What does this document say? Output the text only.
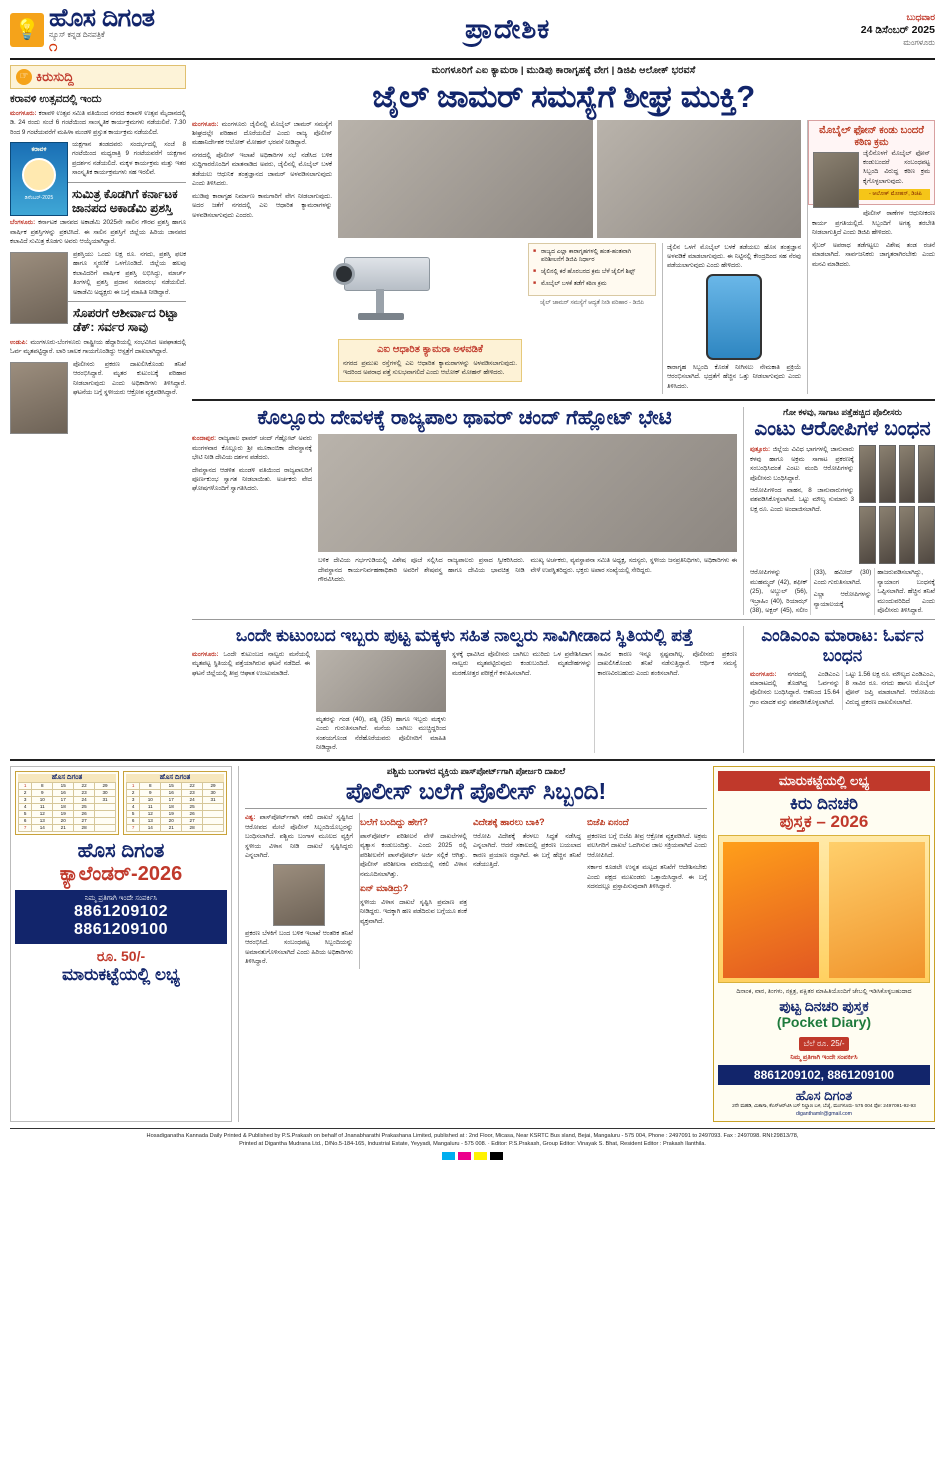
💡 ಹೊಸ ದಿಗಂತ
ನ್ಯೂಸ್ ಕನ್ನಡ ದಿನಪತ್ರಿಕೆ
೧
ಪ್ರಾದೇಶಿಕ	ಬುಧವಾರ
24 ಡಿಸೆಂಬರ್ 2025
ಮಂಗಳೂರು
☞ ಕಿರುಸುದ್ದಿ
ಕರಾವಳಿ ಉತ್ಸವದಲ್ಲಿ ಇಂದು

ಮಂಗಳೂರು: ಕರಾವಳಿ ಉತ್ಸವ ಸಮಿತಿ ವತಿಯಿಂದ ನಗರದ ಕರಾವಳಿ ಉತ್ಸವ ಮೈದಾನದಲ್ಲಿ ಡಿ. 24 ರಂದು ಸಂಜೆ 6 ಗಂಟೆಯಿಂದ ಸಾಂಸ್ಕೃತಿಕ ಕಾರ್ಯಕ್ರಮಗಳು ನಡೆಯಲಿವೆ. 7.30 ರಿಂದ 9 ಗಂಟೆಯವರೆಗೆ ಮಹಿಳಾ ಮಂಡಳಿ ಪ್ರಸ್ತುತ ಕಾರ್ಯಕ್ರಮ ನಡೆಯಲಿದೆ.

ಕರಾವಳಿ
ಡಿಸೆಂಬರ್-2025

ಯಕ್ಷಗಾನ ತಂಡದವರು ಸಂದರ್ಭದಲ್ಲಿ ಸಂಜೆ 8 ಗಂಟೆಯಿಂದ ಮಧ್ಯರಾತ್ರಿ 9 ಗಂಟೆಯವರೆಗೆ ಯಕ್ಷಗಾನ ಪ್ರದರ್ಶನ ನಡೆಯಲಿದೆ. ಮಕ್ಕಳ ಕಾರ್ಯಕ್ರಮ ಮತ್ತು ಇತರ ಸಾಂಸ್ಕೃತಿಕ ಕಾರ್ಯಕ್ರಮಗಳು ಸಹ ಇರಲಿವೆ.

ಸುಮಿತ್ರ ಕೊಡಗಿಗೆ ಕರ್ನಾಟಕ ಜಾನಪದ ಅಕಾಡೆಮಿ ಪ್ರಶಸ್ತಿ

ಬೆಂಗಳೂರು: ಕರ್ನಾಟಕ ಜಾನಪದ ಅಕಾಡೆಮಿ 2025ನೇ ಸಾಲಿನ ಗೌರವ ಪ್ರಶಸ್ತಿ ಹಾಗೂ ವಾರ್ಷಿಕ ಪ್ರಶಸ್ತಿಗಳನ್ನು ಪ್ರಕಟಿಸಿದೆ. ಈ ಸಾಲಿನ ಪ್ರಶಸ್ತಿಗೆ ಜಿಲ್ಲೆಯ ಹಿರಿಯ ಜಾನಪದ ಕಲಾವಿದೆ ಸುಮಿತ್ರ ಕೊಡಗು ಅವರು ಆಯ್ಕೆಯಾಗಿದ್ದಾರೆ.

ಪ್ರಶಸ್ತಿಯು ಒಂದು ಲಕ್ಷ ರೂ. ನಗದು, ಪ್ರಶಸ್ತಿ ಫಲಕ ಹಾಗೂ ಸ್ಮರಣಿಕೆ ಒಳಗೊಂಡಿದೆ. ಜಿಲ್ಲೆಯ ಹಲವು ಕಲಾವಿದರಿಗೆ ವಾರ್ಷಿಕ ಪ್ರಶಸ್ತಿ ಲಭಿಸಿದ್ದು, ಮಾರ್ಚ್ ತಿಂಗಳಲ್ಲಿ ಪ್ರಶಸ್ತಿ ಪ್ರದಾನ ಸಮಾರಂಭ ನಡೆಯಲಿದೆ. ಅಕಾಡೆಮಿ ಅಧ್ಯಕ್ಷರು ಈ ಬಗ್ಗೆ ಮಾಹಿತಿ ನೀಡಿದ್ದಾರೆ.

ಸೊಪರಗೆ ಆಶೀರ್ವಾದ ರಿಟ್ಟಾ ಡೆಕ್: ಸರ್ವರ ಸಾವು

ಉಡುಪಿ: ಮಂಗಳೂರು-ಬೆಂಗಳೂರು ರಾಷ್ಟ್ರೀಯ ಹೆದ್ದಾರಿಯಲ್ಲಿ ಸಂಭವಿಸಿದ ಅಪಘಾತದಲ್ಲಿ ಓರ್ವ ಮೃತಪಟ್ಟಿದ್ದಾರೆ. ಲಾರಿ ಚಾಲಕ ಗಾಯಗೊಂಡಿದ್ದು ಆಸ್ಪತ್ರೆಗೆ ದಾಖಲಾಗಿದ್ದಾರೆ.

ಪೊಲೀಸರು ಪ್ರಕರಣ ದಾಖಲಿಸಿಕೊಂಡು ತನಿಖೆ ಆರಂಭಿಸಿದ್ದಾರೆ. ಮೃತರ ಕುಟುಂಬಕ್ಕೆ ಪರಿಹಾರ ನೀಡಲಾಗುವುದು ಎಂದು ಅಧಿಕಾರಿಗಳು ತಿಳಿಸಿದ್ದಾರೆ. ಘಟನೆಯ ಬಗ್ಗೆ ಸ್ಥಳೀಯರು ಆಕ್ರೋಶ ವ್ಯಕ್ತಪಡಿಸಿದ್ದಾರೆ.

ಮಂಗಳೂರಿಗೆ ಎಐ ಕ್ಯಾಮರಾ | ಮುಡಿಪು ಕಾರಾಗೃಹಕ್ಕೆ ವೇಗ | ಡಿಜಿಪಿ ಆಲೋಕ್ ಭರವಸೆ
ಜೈಲ್ ಜಾಮರ್ ಸಮಸ್ಯೆಗೆ ಶೀಘ್ರ ಮುಕ್ತಿ?

ಮಂಗಳೂರು: ಮಂಗಳೂರು ಜೈಲಿನಲ್ಲಿ ಮೊಬೈಲ್ ಜಾಮರ್ ಸಮಸ್ಯೆಗೆ ಶೀಘ್ರದಲ್ಲೇ ಪರಿಹಾರ ದೊರೆಯಲಿದೆ ಎಂದು ರಾಜ್ಯ ಪೊಲೀಸ್ ಮಹಾನಿರ್ದೇಶಕ ಆಲೋಕ್ ಮೋಹನ್ ಭರವಸೆ ನೀಡಿದ್ದಾರೆ.

ನಗರದಲ್ಲಿ ಪೊಲೀಸ್ ಇಲಾಖೆ ಅಧಿಕಾರಿಗಳ ಸಭೆ ನಡೆಸಿದ ಬಳಿಕ ಸುದ್ದಿಗಾರರೊಂದಿಗೆ ಮಾತನಾಡಿದ ಅವರು, ಜೈಲಿನಲ್ಲಿ ಮೊಬೈಲ್ ಬಳಕೆ ತಡೆಯಲು ಆಧುನಿಕ ತಂತ್ರಜ್ಞಾನದ ಜಾಮರ್ ಅಳವಡಿಸಲಾಗುವುದು ಎಂದು ತಿಳಿಸಿದರು.

ಮುಡಿಪು ಕಾರಾಗೃಹ ನಿರ್ಮಾಣ ಕಾಮಗಾರಿಗೆ ವೇಗ ನೀಡಲಾಗುವುದು. ಅದರ ಜತೆಗೆ ನಗರದಲ್ಲಿ ಎಐ ಆಧಾರಿತ ಕ್ಯಾಮರಾಗಳನ್ನು ಅಳವಡಿಸಲಾಗುವುದು ಎಂದರು.

ಎಐ ಆಧಾರಿತ ಕ್ಯಾಮರಾ ಅಳವಡಿಕೆ
ನಗರದ ಪ್ರಮುಖ ರಸ್ತೆಗಳಲ್ಲಿ ಎಐ ಆಧಾರಿತ ಕ್ಯಾಮರಾಗಳನ್ನು ಅಳವಡಿಸಲಾಗುವುದು. ಇದರಿಂದ ಅಪರಾಧ ಪತ್ತೆ ಸುಲಭವಾಗಲಿದೆ ಎಂದು ಆಲೋಕ್ ಮೋಹನ್ ಹೇಳಿದರು.
■ ರಾಜ್ಯದ ಎಲ್ಲಾ ಕಾರಾಗೃಹಗಳಲ್ಲಿ ಹಂತ-ಹಂತವಾಗಿ ಪರಿಶೀಲನೆಗೆ ಡಿಜಿಪಿ ನಿರ್ಧಾರ
■ ಜೈಲಿನಲ್ಲಿ ಕರೆ ಹೊರಬರದ ಕ್ರಮ ಬೆಳೆ ಜೈಲಿಗೆ ಶಿಫ್ಟ್
■ ಮೊಬೈಲ್ ಬಳಕೆ ತಡೆಗೆ ಕಠಿಣ ಕ್ರಮ
ಜೈಲ್ ಜಾಮರ್ ಸಮಸ್ಯೆಗೆ ಆದ್ಯತೆ ನೀಡಿ ಪರಿಹಾರ - ಡಿಜಿಪಿ

ಜೈಲಿನ ಒಳಗೆ ಮೊಬೈಲ್ ಬಳಕೆ ತಡೆಯಲು ಹೊಸ ತಂತ್ರಜ್ಞಾನ ಅಳವಡಿಕೆ ಮಾಡಲಾಗುವುದು. ಈ ನಿಟ್ಟಿನಲ್ಲಿ ಕೇಂದ್ರದಿಂದ ಸಹ ನೆರವು ಪಡೆಯಲಾಗುವುದು ಎಂದು ಹೇಳಿದರು.

ಕಾರಾಗೃಹ ಸಿಬ್ಬಂದಿ ಕೊರತೆ ನೀಗಿಸಲು ನೇಮಕಾತಿ ಪ್ರಕ್ರಿಯೆ ಆರಂಭಿಸಲಾಗಿದೆ. ಭದ್ರತೆಗೆ ಹೆಚ್ಚಿನ ಒತ್ತು ನೀಡಲಾಗುವುದು ಎಂದು ತಿಳಿಸಿದರು.

ಮೊಬೈಲ್ ಫೋನ್ ಕಂಡು ಬಂದರೆ ಕಠಿಣ ಕ್ರಮ
ಜೈಲಿನೊಳಗೆ ಮೊಬೈಲ್ ಫೋನ್ ಕಂಡುಬಂದರೆ ಸಂಬಂಧಪಟ್ಟ ಸಿಬ್ಬಂದಿ ವಿರುದ್ಧ ಕಠಿಣ ಕ್ರಮ ಕೈಗೊಳ್ಳಲಾಗುವುದು.
- ಆಲೋಕ್ ಮೋಹನ್, ಡಿಜಿಪಿ

ಪೊಲೀಸ್ ಠಾಣೆಗಳ ಆಧುನೀಕರಣ ಕಾರ್ಯ ಪ್ರಗತಿಯಲ್ಲಿದೆ. ಸಿಬ್ಬಂದಿಗೆ ಅಗತ್ಯ ತರಬೇತಿ ನೀಡಲಾಗುತ್ತಿದೆ ಎಂದು ಡಿಜಿಪಿ ಹೇಳಿದರು.

ಸೈಬರ್ ಅಪರಾಧ ತಡೆಗಟ್ಟಲು ವಿಶೇಷ ತಂಡ ರಚನೆ ಮಾಡಲಾಗಿದೆ. ಸಾರ್ವಜನಿಕರು ಜಾಗೃತರಾಗಿರಬೇಕು ಎಂದು ಮನವಿ ಮಾಡಿದರು.

ಕೊಲ್ಲೂರು ದೇವಳಕ್ಕೆ ರಾಜ್ಯಪಾಲ ಥಾವರ್ ಚಂದ್ ಗೆಹ್ಲೋಟ್ ಭೇಟಿ

ಕುಂದಾಪುರ: ರಾಜ್ಯಪಾಲ ಥಾವರ್ ಚಂದ್ ಗೆಹ್ಲೋಟ್ ಅವರು ಮಂಗಳವಾರ ಕೊಲ್ಲೂರು ಶ್ರೀ ಮೂಕಾಂಬಿಕಾ ದೇವಸ್ಥಾನಕ್ಕೆ ಭೇಟಿ ನೀಡಿ ದೇವಿಯ ದರ್ಶನ ಪಡೆದರು.

ದೇವಸ್ಥಾನದ ಆಡಳಿತ ಮಂಡಳಿ ವತಿಯಿಂದ ರಾಜ್ಯಪಾಲರಿಗೆ ಪೂರ್ಣಕುಂಭ ಸ್ವಾಗತ ನೀಡಲಾಯಿತು. ಅರ್ಚಕರು ವೇದ ಘೋಷಗಳೊಂದಿಗೆ ಸ್ವಾಗತಿಸಿದರು.

ಬಳಿಕ ದೇವಿಯ ಗರ್ಭಗುಡಿಯಲ್ಲಿ ವಿಶೇಷ ಪೂಜೆ ಸಲ್ಲಿಸಿದ ರಾಜ್ಯಪಾಲರು ಪ್ರಸಾದ ಸ್ವೀಕರಿಸಿದರು. ದೇವಸ್ಥಾನದ ಕಾರ್ಯನಿರ್ವಹಣಾಧಿಕಾರಿ ಅವರಿಗೆ ಶೇಷವಸ್ತ್ರ ಹಾಗೂ ದೇವಿಯ ಭಾವಚಿತ್ರ ನೀಡಿ ಗೌರವಿಸಿದರು.

ಮುಖ್ಯ ಅರ್ಚಕರು, ವ್ಯವಸ್ಥಾಪನಾ ಸಮಿತಿ ಅಧ್ಯಕ್ಷ, ಸದಸ್ಯರು, ಸ್ಥಳೀಯ ಜನಪ್ರತಿನಿಧಿಗಳು, ಅಧಿಕಾರಿಗಳು ಈ ವೇಳೆ ಉಪಸ್ಥಿತರಿದ್ದರು. ಭಕ್ತರು ಅಪಾರ ಸಂಖ್ಯೆಯಲ್ಲಿ ಸೇರಿದ್ದರು.

ಗೋ ಕಳವು, ಸಾಗಾಟ ಪತ್ತೆಹಚ್ಚಿದ ಪೊಲೀಸರು
ಎಂಟು ಆರೋಪಿಗಳ ಬಂಧನ

ಪುತ್ತೂರು: ಜಿಲ್ಲೆಯ ವಿವಿಧ ಭಾಗಗಳಲ್ಲಿ ಜಾನುವಾರು ಕಳವು ಹಾಗೂ ಅಕ್ರಮ ಸಾಗಾಟ ಪ್ರಕರಣಕ್ಕೆ ಸಂಬಂಧಿಸಿದಂತೆ ಎಂಟು ಮಂದಿ ಆರೋಪಿಗಳನ್ನು ಪೊಲೀಸರು ಬಂಧಿಸಿದ್ದಾರೆ.

ಆರೋಪಿಗಳಿಂದ ವಾಹನ, 8 ಜಾನುವಾರುಗಳನ್ನು ವಶಪಡಿಸಿಕೊಳ್ಳಲಾಗಿದೆ. ಒಟ್ಟು ಮೌಲ್ಯ ಸುಮಾರು 3 ಲಕ್ಷ ರೂ. ಎಂದು ಅಂದಾಜಿಸಲಾಗಿದೆ.

ಆರೋಪಿಗಳನ್ನು ಮುಹಮ್ಮದ್ (42), ಶಫೀಕ್ (25), ಅಬ್ದುಲ್ (56), ಇಬ್ರಾಹಿಂ (40), ರಿಯಾಝ್ (38), ಅಕ್ಬರ್ (45), ಸಲೀಂ (33), ಹಮೀದ್ (30) ಎಂದು ಗುರುತಿಸಲಾಗಿದೆ.

ಎಲ್ಲಾ ಆರೋಪಿಗಳನ್ನು ನ್ಯಾಯಾಲಯಕ್ಕೆ ಹಾಜರುಪಡಿಸಲಾಗಿದ್ದು, ನ್ಯಾಯಾಂಗ ಬಂಧನಕ್ಕೆ ಒಪ್ಪಿಸಲಾಗಿದೆ. ಹೆಚ್ಚಿನ ತನಿಖೆ ಮುಂದುವರಿದಿದೆ ಎಂದು ಪೊಲೀಸರು ತಿಳಿಸಿದ್ದಾರೆ.

ಒಂದೇ ಕುಟುಂಬದ ಇಬ್ಬರು ಪುಟ್ಟ ಮಕ್ಕಳು ಸಹಿತ ನಾಲ್ವರು ಸಾವಿಗೀಡಾದ ಸ್ಥಿತಿಯಲ್ಲಿ ಪತ್ತೆ

ಮಂಗಳೂರು: ಒಂದೇ ಕುಟುಂಬದ ನಾಲ್ವರು ಮನೆಯಲ್ಲಿ ಮೃತಪಟ್ಟ ಸ್ಥಿತಿಯಲ್ಲಿ ಪತ್ತೆಯಾಗಿರುವ ಘಟನೆ ನಡೆದಿದೆ. ಈ ಘಟನೆ ಜಿಲ್ಲೆಯಲ್ಲಿ ತೀವ್ರ ಆಘಾತ ಉಂಟುಮಾಡಿದೆ.

ಮೃತರನ್ನು ಗಂಡ (40), ಪತ್ನಿ (35) ಹಾಗೂ ಇಬ್ಬರು ಮಕ್ಕಳು ಎಂದು ಗುರುತಿಸಲಾಗಿದೆ. ಮನೆಯ ಬಾಗಿಲು ಮುಚ್ಚಿದ್ದರಿಂದ ಸಂಶಯಗೊಂಡ ನೆರೆಹೊರೆಯವರು ಪೊಲೀಸರಿಗೆ ಮಾಹಿತಿ ನೀಡಿದ್ದಾರೆ.

ಸ್ಥಳಕ್ಕೆ ಧಾವಿಸಿದ ಪೊಲೀಸರು ಬಾಗಿಲು ಮುರಿದು ಒಳ ಪ್ರವೇಶಿಸಿದಾಗ ನಾಲ್ವರು ಮೃತಪಟ್ಟಿರುವುದು ಕಂಡುಬಂದಿದೆ. ಮೃತದೇಹಗಳನ್ನು ಮರಣೋತ್ತರ ಪರೀಕ್ಷೆಗೆ ಕಳುಹಿಸಲಾಗಿದೆ.

ಸಾವಿನ ಕಾರಣ ಇನ್ನೂ ಸ್ಪಷ್ಟವಾಗಿಲ್ಲ. ಪೊಲೀಸರು ಪ್ರಕರಣ ದಾಖಲಿಸಿಕೊಂಡು ತನಿಖೆ ನಡೆಸುತ್ತಿದ್ದಾರೆ. ಆರ್ಥಿಕ ಸಮಸ್ಯೆ ಕಾರಣವಿರಬಹುದು ಎಂದು ಶಂಕಿಸಲಾಗಿದೆ.

ಎಂಡಿಎಂಎ ಮಾರಾಟ: ಓರ್ವನ ಬಂಧನ

ಮಂಗಳೂರು: ನಗರದಲ್ಲಿ ಎಂಡಿಎಂಎ ಮಾರಾಟದಲ್ಲಿ ತೊಡಗಿದ್ದ ಓರ್ವನನ್ನು ಪೊಲೀಸರು ಬಂಧಿಸಿದ್ದಾರೆ. ಆತನಿಂದ 15.64 ಗ್ರಾಂ ಮಾದಕ ವಸ್ತು ವಶಪಡಿಸಿಕೊಳ್ಳಲಾಗಿದೆ.

ಒಟ್ಟು 1.56 ಲಕ್ಷ ರೂ. ಮೌಲ್ಯದ ಎಂಡಿಎಂಎ, 8 ಸಾವಿರ ರೂ. ನಗದು ಹಾಗೂ ಮೊಬೈಲ್ ಫೋನ್ ಜಪ್ತಿ ಮಾಡಲಾಗಿದೆ. ಆರೋಪಿಯ ವಿರುದ್ಧ ಪ್ರಕರಣ ದಾಖಲಿಸಲಾಗಿದೆ.

ಹೊಸ ದಿಗಂತ
1	8	15	22	29
2	9	16	23	30
3	10	17	24	31
4	11	18	25	
5	12	19	26	
6	13	20	27	
7	14	21	28	
ಹೊಸ ದಿಗಂತ
1	8	15	22	29
2	9	16	23	30
3	10	17	24	31
4	11	18	25	
5	12	19	26	
6	13	20	27	
7	14	21	28	
ಹೊಸ ದಿಗಂತ
ಕ್ಯಾಲೆಂಡರ್-2026
ನಿಮ್ಮ ಪ್ರತಿಗಾಗಿ ಇಂದೇ ಸಂಪರ್ಕಿಸಿ
8861209102
8861209100
ರೂ. 50/-
ಮಾರುಕಟ್ಟೆಯಲ್ಲಿ ಲಭ್ಯ
ಪಶ್ಚಿಮ ಬಂಗಾಳದ ವ್ಯಕ್ತಿಯ ಪಾಸ್‌ಪೋರ್ಟ್‌ಗಾಗಿ ಪೋರ್ಜರಿ ದಾಖಲೆ
ಪೊಲೀಸ್ ಬಲೆಗೆ ಪೊಲೀಸ್ ಸಿಬ್ಬಂದಿ!

ವಿಶ್ವ: ಪಾಸ್‌ಪೋರ್ಟ್‌ಗಾಗಿ ನಕಲಿ ದಾಖಲೆ ಸೃಷ್ಟಿಸಿದ ಆರೋಪದ ಮೇಲೆ ಪೊಲೀಸ್ ಸಿಬ್ಬಂದಿಯೊಬ್ಬರನ್ನು ಬಂಧಿಸಲಾಗಿದೆ. ಪಶ್ಚಿಮ ಬಂಗಾಳ ಮೂಲದ ವ್ಯಕ್ತಿಗೆ ಸ್ಥಳೀಯ ವಿಳಾಸ ನೀಡಿ ದಾಖಲೆ ಸೃಷ್ಟಿಸಿದ್ದರು ಎನ್ನಲಾಗಿದೆ.

ಪ್ರಕರಣ ಬೆಳಕಿಗೆ ಬಂದ ಬಳಿಕ ಇಲಾಖೆ ಆಂತರಿಕ ತನಿಖೆ ಆರಂಭಿಸಿದೆ. ಸಂಬಂಧಪಟ್ಟ ಸಿಬ್ಬಂದಿಯನ್ನು ಅಮಾನತುಗೊಳಿಸಲಾಗಿದೆ ಎಂದು ಹಿರಿಯ ಅಧಿಕಾರಿಗಳು ತಿಳಿಸಿದ್ದಾರೆ.

ಬಲೆಗೆ ಬಂದಿದ್ದು ಹೇಗೆ?

ಪಾಸ್‌ಪೋರ್ಟ್ ಪರಿಶೀಲನೆ ವೇಳೆ ದಾಖಲೆಗಳಲ್ಲಿ ವ್ಯತ್ಯಾಸ ಕಂಡುಬಂದಿತ್ತು. ಎಂದು 2025 ರಲ್ಲಿ ಪರಿಶೀಲನೆಗೆ ಪಾಸ್‌ಪೋರ್ಟ್ ಅರ್ಜಿ ಸಲ್ಲಿಕೆ ಆಗಿತ್ತು. ಪೊಲೀಸ್ ಪರಿಶೀಲನಾ ವರದಿಯಲ್ಲಿ ನಕಲಿ ವಿಳಾಸ ನಮೂದಿಸಲಾಗಿತ್ತು.

ಏನ್ ಮಾಡಿದ್ರು?

ಸ್ಥಳೀಯ ವಿಳಾಸ ದಾಖಲೆ ಸೃಷ್ಟಿಸಿ ಪ್ರಮಾಣ ಪತ್ರ ನೀಡಿದ್ದರು. ಇದಕ್ಕಾಗಿ ಹಣ ಪಡೆದಿರುವ ಬಗ್ಗೆಯೂ ಶಂಕೆ ವ್ಯಕ್ತವಾಗಿದೆ.

ವಿದೇಶಕ್ಕೆ ಹಾರಲು ಬಾಕಿ?

ಆರೋಪಿ ವಿದೇಶಕ್ಕೆ ತೆರಳಲು ಸಿದ್ಧತೆ ನಡೆಸಿದ್ದ ಎನ್ನಲಾಗಿದೆ. ಆದರೆ ಸಕಾಲದಲ್ಲಿ ಪ್ರಕರಣ ಬಯಲಾದ ಕಾರಣ ಪ್ರಯಾಣ ರದ್ದಾಗಿದೆ. ಈ ಬಗ್ಗೆ ಹೆಚ್ಚಿನ ತನಿಖೆ ನಡೆಯುತ್ತಿದೆ.

ಬಿಜೆಪಿ ಏನಂದೆ

ಪ್ರಕರಣದ ಬಗ್ಗೆ ಬಿಜೆಪಿ ತೀವ್ರ ಆಕ್ರೋಶ ವ್ಯಕ್ತಪಡಿಸಿದೆ. ಅಕ್ರಮ ವಲಸಿಗರಿಗೆ ದಾಖಲೆ ಒದಗಿಸುವ ಜಾಲ ಸಕ್ರಿಯವಾಗಿದೆ ಎಂದು ಆರೋಪಿಸಿದೆ.

ಸರ್ಕಾರ ಕೂಡಲೇ ಉನ್ನತ ಮಟ್ಟದ ತನಿಖೆಗೆ ಆದೇಶಿಸಬೇಕು ಎಂದು ಪಕ್ಷದ ಮುಖಂಡರು ಒತ್ತಾಯಿಸಿದ್ದಾರೆ. ಈ ಬಗ್ಗೆ ಸದನದಲ್ಲೂ ಪ್ರಸ್ತಾಪಿಸುವುದಾಗಿ ತಿಳಿಸಿದ್ದಾರೆ.

ಮಾರುಕಟ್ಟೆಯಲ್ಲಿ ಲಭ್ಯ
ಕಿರು ದಿನಚರಿ
ಪುಸ್ತಕ – 2026
ದಿನಾಂಕ, ವಾರ, ತಿಂಗಳು, ನಕ್ಷತ್ರ, ಪಕ್ಷಿತರ ಮಾಹಿತಿಯೊಂದಿಗೆ ಜೇಬಲ್ಲಿ ಇಡಿಸಿಕೊಳ್ಳಬಹುದಾದ
ಪುಟ್ಟ ದಿನಚರಿ ಪುಸ್ತಕ
(Pocket Diary)
ಬೆಲೆ ರೂ. 25/-
ನಿಮ್ಮ ಪ್ರತಿಗಾಗಿ ಇಂದೇ ಸಂಪರ್ಕಿಸಿ
8861209102, 8861209100
ಹೊಸ ದಿಗಂತ
2ನೇ ಮಹಡಿ, ಮಿಕಾಸಾ, ಕೆಎಸ್‌ಆರ್‌ಟಿಸಿ ಬಸ್ ನಿಲ್ದಾಣ ಬಳಿ, ಬೆಜೈ, ಮಂಗಳೂರು- 575 004 ಫೋ: 2497091-92-93
diganthamlr@gmail.com
Hosadiganatha Kannada Daily Printed & Published by P.S.Prakash on behalf of Jnanabharathi Prakashana Limited, published at : 2nd Floor, Micasa, Near KSRTC Bus sland, Bejai, Mangaluru - 575 004, Phone : 2497091 to 2497093. Fax : 2497098. RNI:29813/78,
Printed at Digantha Mudrana Ltd., D/No.5-184-165, Industrial Estate, Yeyyadi, Mangaluru - 575 008. · Editor: P.S.Prakash, Group Editor: Vinayak S. Bhat, Resident Editor : Prakash Ilanthila.
